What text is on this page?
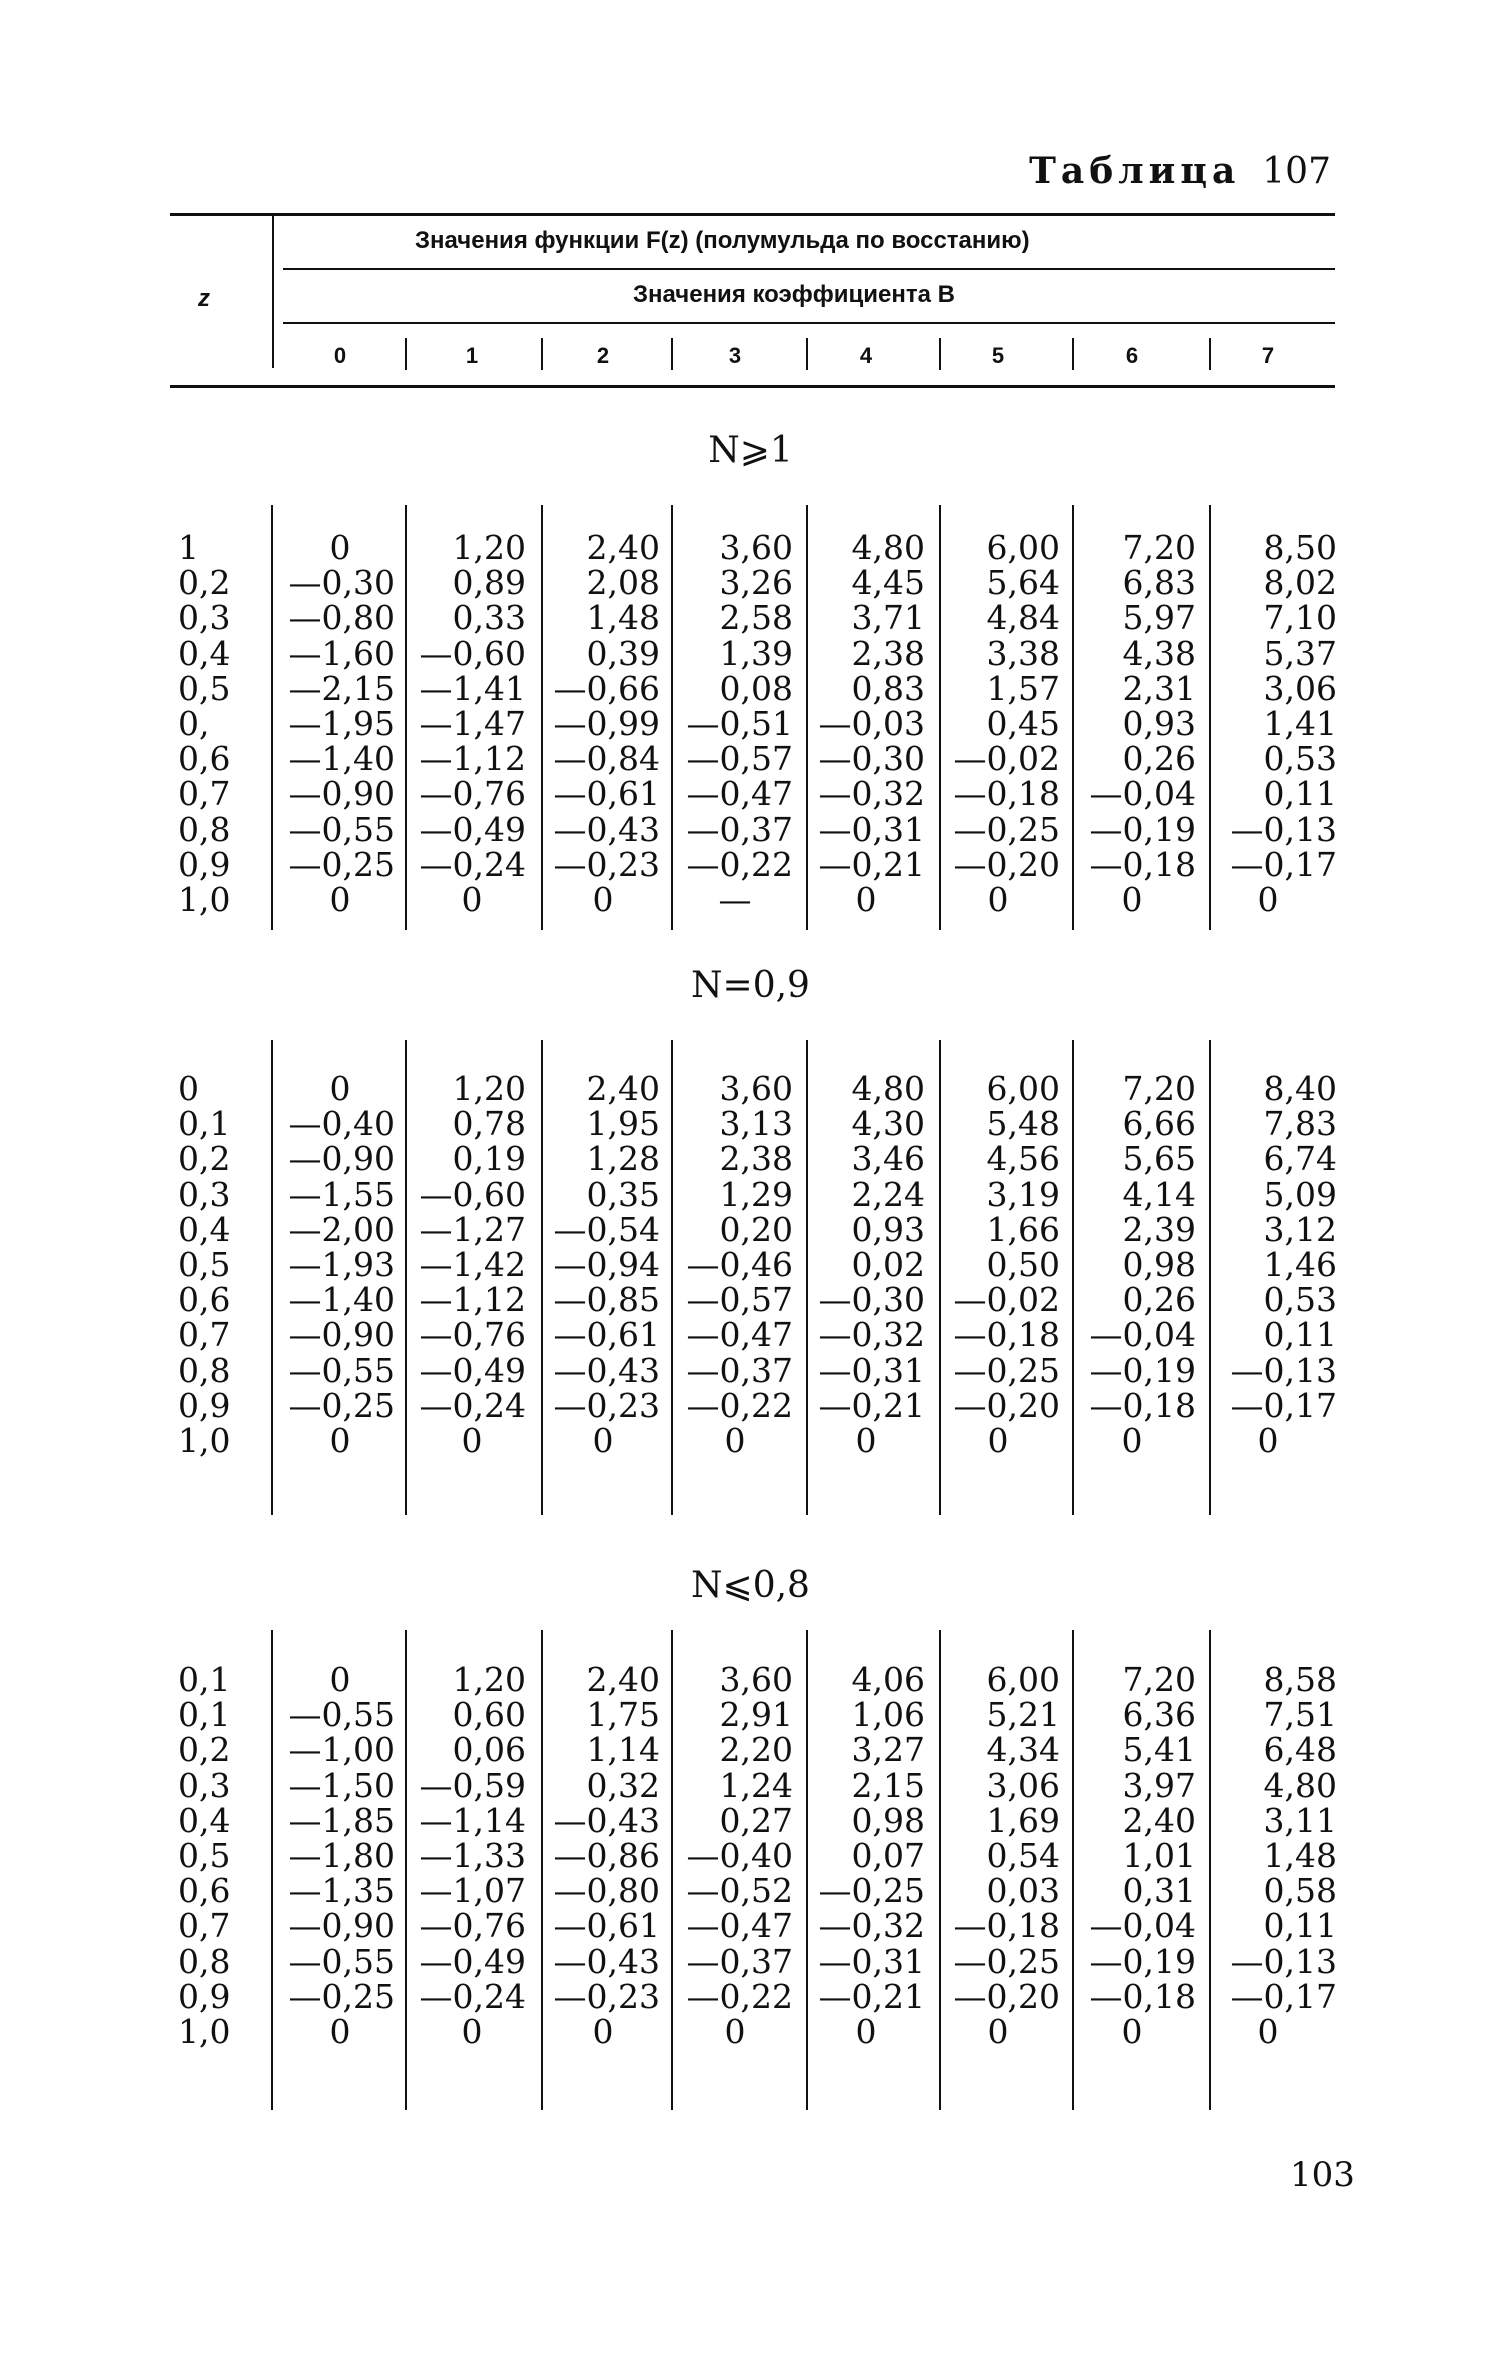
Таблица 107
z
Значения функции F(z) (полумульда по восстанию)
Значения коэффициента B
0	1	2	3	4	5	6	7
N⩾1
1	0	1,20 2,40 3,60 4,80 6,00 7,20 8,50
0,2	—0,30 0,89 2,08 3,26 4,45 5,64 6,83 8,02
0,3	—0,80 0,33 1,48 2,58 3,71 4,84 5,97 7,10
0,4	—1,60 —0,60 0,39 1,39 2,38 3,38 4,38 5,37
0,5	—2,15 —1,41 —0,66 0,08 0,83 1,57 2,31 3,06
0,	—1,95 —1,47 —0,99 —0,51 —0,03 0,45 0,93 1,41
0,6	—1,40 —1,12 —0,84 —0,57 —0,30 —0,02 0,26 0,53
0,7	—0,90 —0,76 —0,61 —0,47 —0,32 —0,18 —0,04 0,11
0,8	—0,55 —0,49 —0,43 —0,37 —0,31 —0,25 —0,19 —0,13
0,9	—0,25 —0,24 —0,23 —0,22 —0,21 —0,20 —0,18 —0,17
1,0	0	0	0	—	0	0	0	0
N=0,9
0	0	1,20 2,40 3,60 4,80 6,00 7,20 8,40
0,1	—0,40 0,78 1,95 3,13 4,30 5,48 6,66 7,83
0,2	—0,90 0,19 1,28 2,38 3,46 4,56 5,65 6,74
0,3	—1,55 —0,60 0,35 1,29 2,24 3,19 4,14 5,09
0,4	—2,00 —1,27 —0,54 0,20 0,93 1,66 2,39 3,12
0,5	—1,93 —1,42 —0,94 —0,46 0,02 0,50 0,98 1,46
0,6	—1,40 —1,12 —0,85 —0,57 —0,30 —0,02 0,26 0,53
0,7	—0,90 —0,76 —0,61 —0,47 —0,32 —0,18 —0,04 0,11
0,8	—0,55 —0,49 —0,43 —0,37 —0,31 —0,25 —0,19 —0,13
0,9	—0,25 —0,24 —0,23 —0,22 —0,21 —0,20 —0,18 —0,17
1,0	0	0	0	0	0	0	0	0
N⩽0,8
0,1	0	1,20 2,40 3,60 4,06 6,00 7,20 8,58
0,1	—0,55 0,60 1,75 2,91 1,06 5,21 6,36 7,51
0,2	—1,00 0,06 1,14 2,20 3,27 4,34 5,41 6,48
0,3	—1,50 —0,59 0,32 1,24 2,15 3,06 3,97 4,80
0,4	—1,85 —1,14 —0,43 0,27 0,98 1,69 2,40 3,11
0,5	—1,80 —1,33 —0,86 —0,40 0,07 0,54 1,01 1,48
0,6	—1,35 —1,07 —0,80 —0,52 —0,25 0,03 0,31 0,58
0,7	—0,90 —0,76 —0,61 —0,47 —0,32 —0,18 —0,04 0,11
0,8	—0,55 —0,49 —0,43 —0,37 —0,31 —0,25 —0,19 —0,13
0,9	—0,25 —0,24 —0,23 —0,22 —0,21 —0,20 —0,18 —0,17
1,0	0	0	0	0	0	0	0	0
103
